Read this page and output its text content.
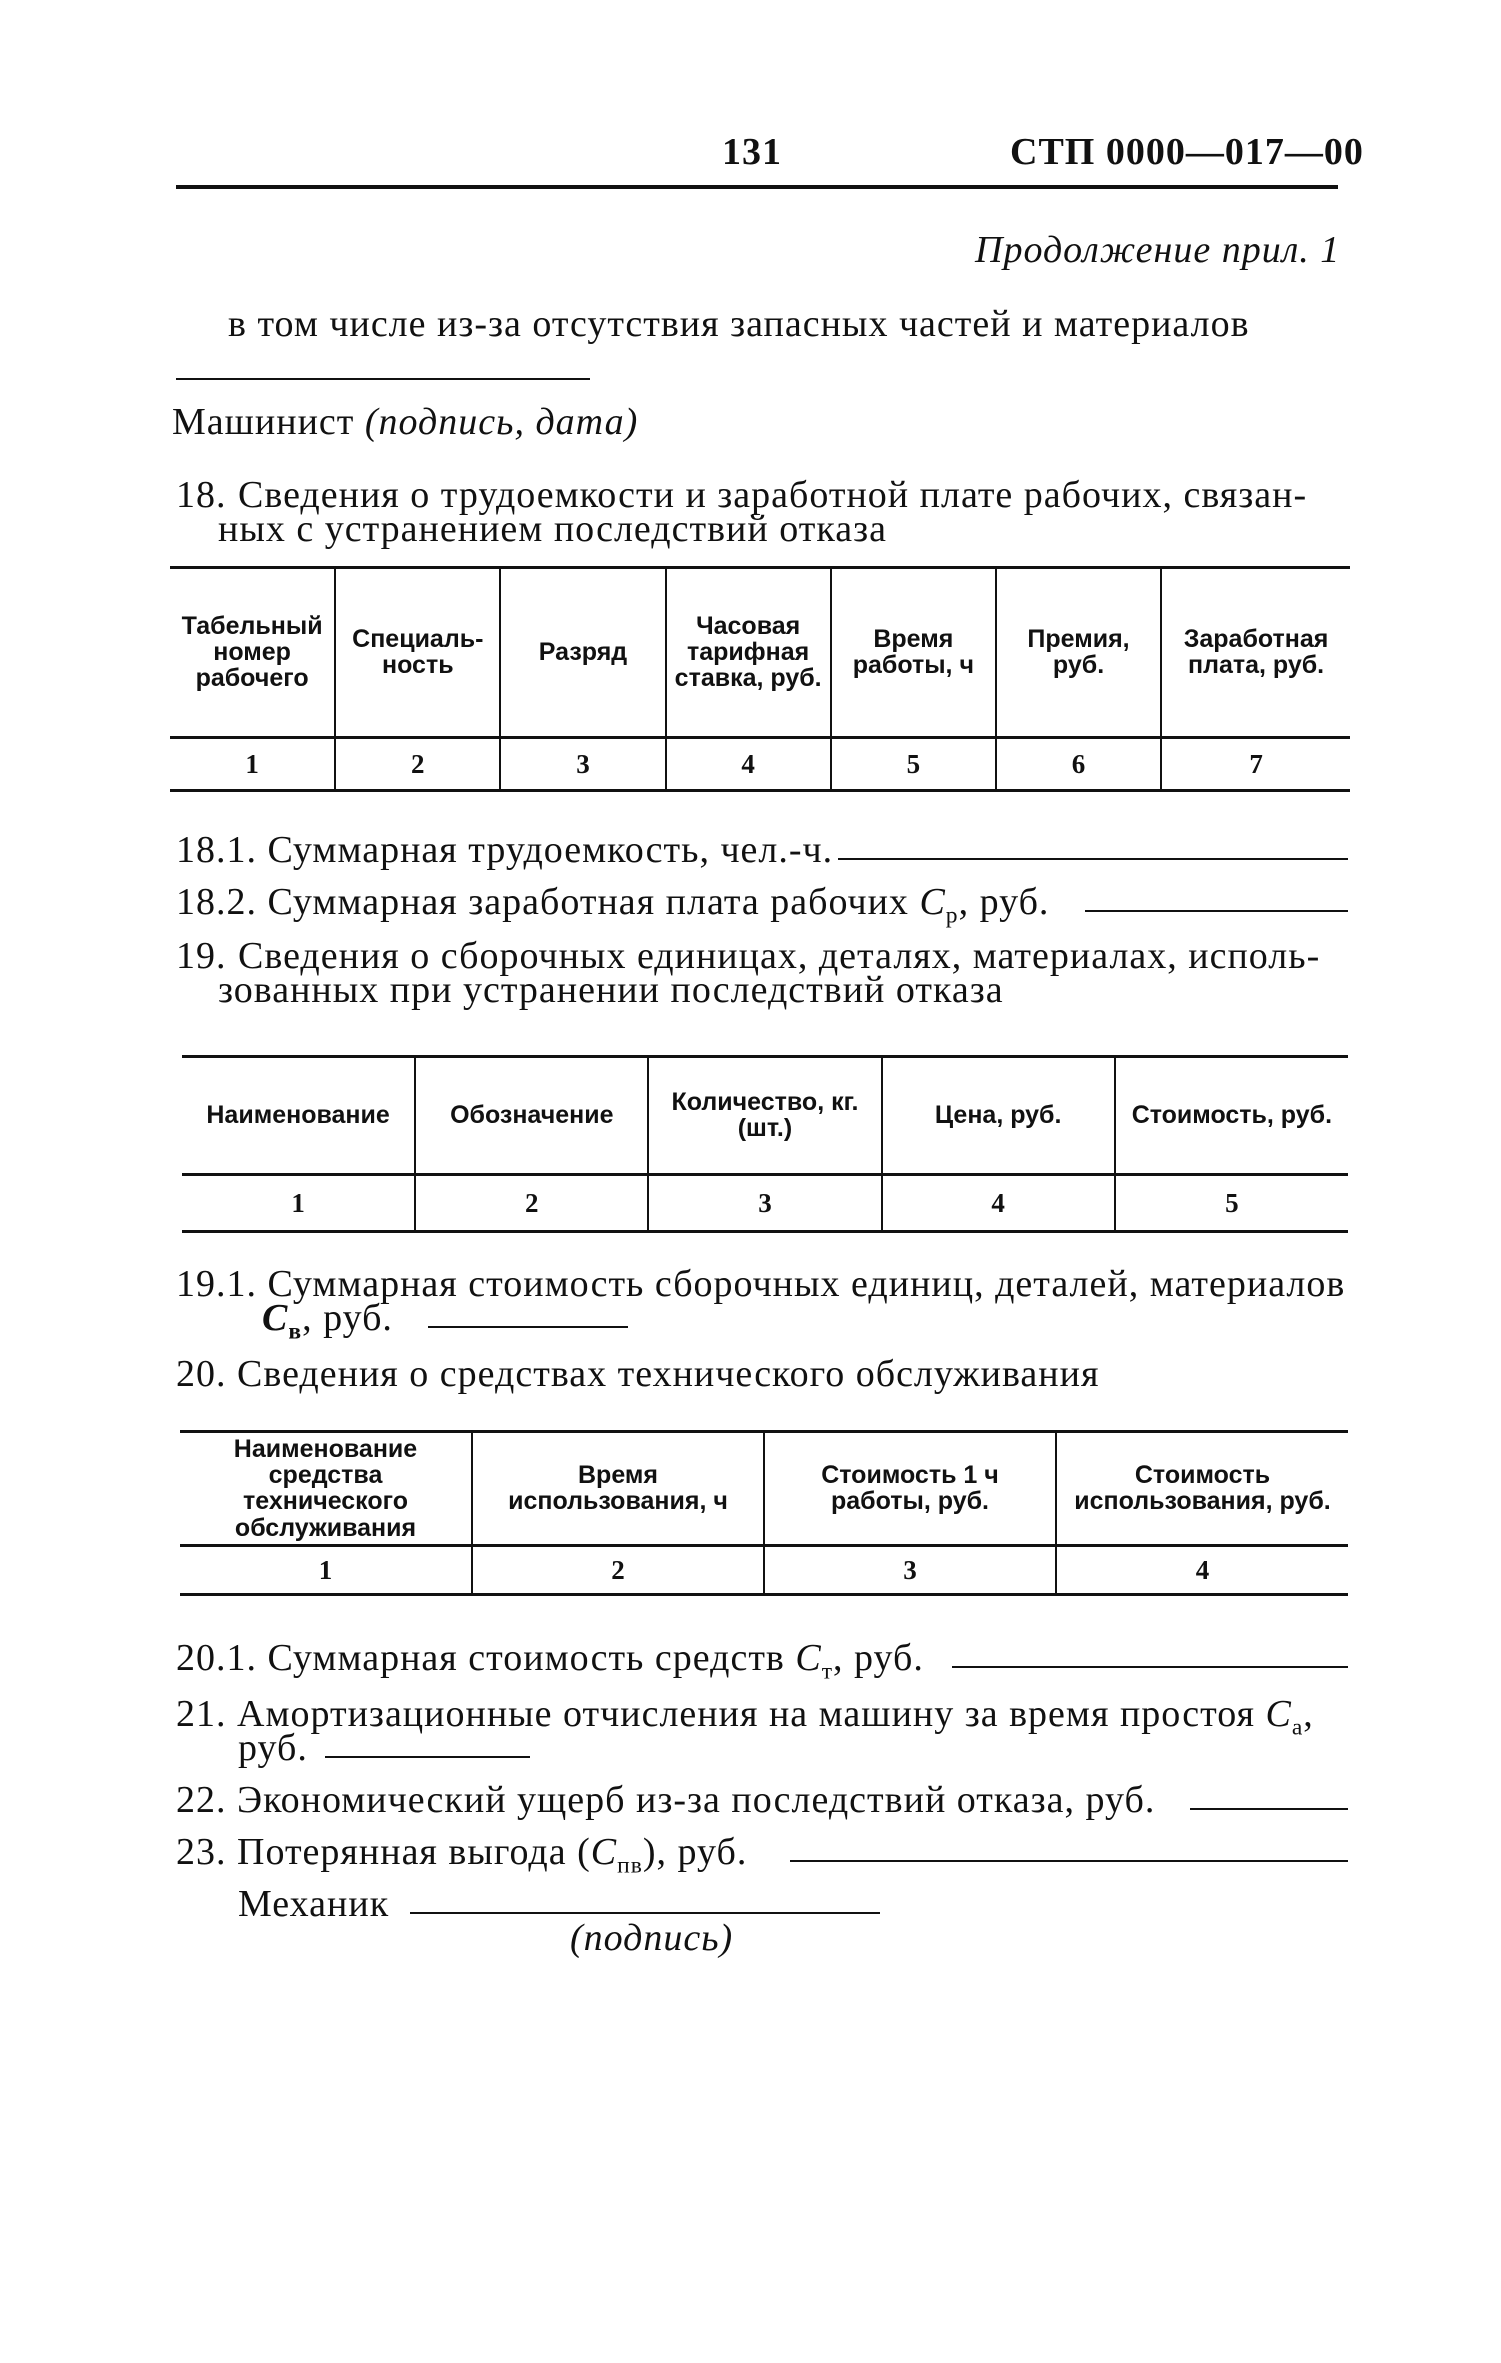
131	СТП 0000—017—00
Продолжение прил. 1
в том числе из-за отсутствия запасных частей и материалов
Машинист (подпись, дата)
18. Сведения о трудоемкости и заработной плате рабочих, связан-
ных с устранением последствий отказа
Табельный номер рабочего	Специаль- ность	Разряд	Часовая тарифная ставка, руб.	Время работы, ч	Премия, руб.	Заработная плата, руб.
1	2	3	4	5	6	7
18.1. Суммарная трудоемкость, чел.-ч.
18.2. Суммарная заработная плата рабочих $C_р$, руб.
19. Сведения о сборочных единицах, деталях, материалах, исполь-
зованных при устранении последствий отказа
Наименование	Обозначение	Количество, кг. (шт.)	Цена, руб.	Стоимость, руб.
1	2	3	4	5
19.1. Суммарная стоимость сборочных единиц, деталей, материалов
$C_в$, руб.
20. Сведения о средствах технического обслуживания
Наименование средства технического обслуживания	Время использования, ч	Стоимость 1 ч работы, руб.	Стоимость использования, руб.
1	2	3	4
20.1. Суммарная стоимость средств $C_т$, руб.
21. Амортизационные отчисления на машину за время простоя $C_а$,
руб.
22. Экономический ущерб из-за последствий отказа, руб.
23. Потерянная выгода $(C_{пв})$, руб.
Механик
(подпись)
